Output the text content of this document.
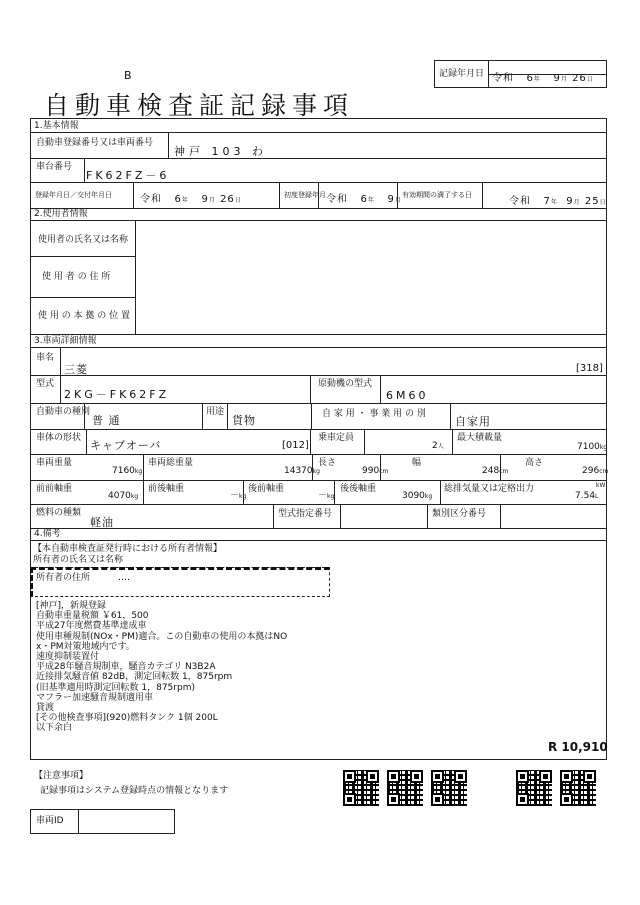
B
自動車検査証記録事項
記録年月日 令和 6年 9月 26日
1.基本情報
自動車登録番号又は車両番号
神戸 103 わ
車台番号
FK62FZ－6
登録年月日／交付年月日	令和 6年 9月 26日
初度登録年月 令和 6年 9月
有効期間の満了する日
令和 7年 9月 25日
2.使用者情報
使用者の氏名又は名称
使 用 者 の 住 所
使 用 の 本 拠 の 位 置
3.車両詳細情報
車名
三菱	[318]
型式
2KG－FK62FZ
原動機の型式
6M60
自動車の種別
普 通
用途
貨物	自 家 用 ・ 事 業 用 の 別
自家用
車体の形状
キャブオーバ	[012]
乗車定員
2人
最大積載量
7100kg
車両重量
7160kg
車両総重量
14370kg
長さ
990cm
幅
248cm
高さ
296cm
前前軸重
4070kg
前後軸重
－kg
後前軸重
－kg
後後軸重
3090kg
総排気量又は定格出力	kW
7.54L
燃料の種類
軽油
型式指定番号	類別区分番号
4.備考
【本自動車検査証発行時における所有者情報】
所有者の氏名又は名称
所有者の住所	‥‥
[神戸]，新規登録
自動車重量税額 ￥61，500
平成27年度燃費基準達成車
使用車種規制(NOx・PM)適合。この自動車の使用の本拠はNO
x・PM対策地域内です。
速度抑制装置付
平成28年騒音規制車，騒音カテゴリ N3B2A
近接排気騒音値 82dB，測定回転数 1，875rpm
(旧基準適用時測定回転数 1，875rpm)
マフラー加速騒音規制適用車
貸渡
[その他検査事項](920)燃料タンク 1個 200L
以下余白
R 10,910
【注意事項】
記録事項はシステム登録時点の情報となります
車両ID
